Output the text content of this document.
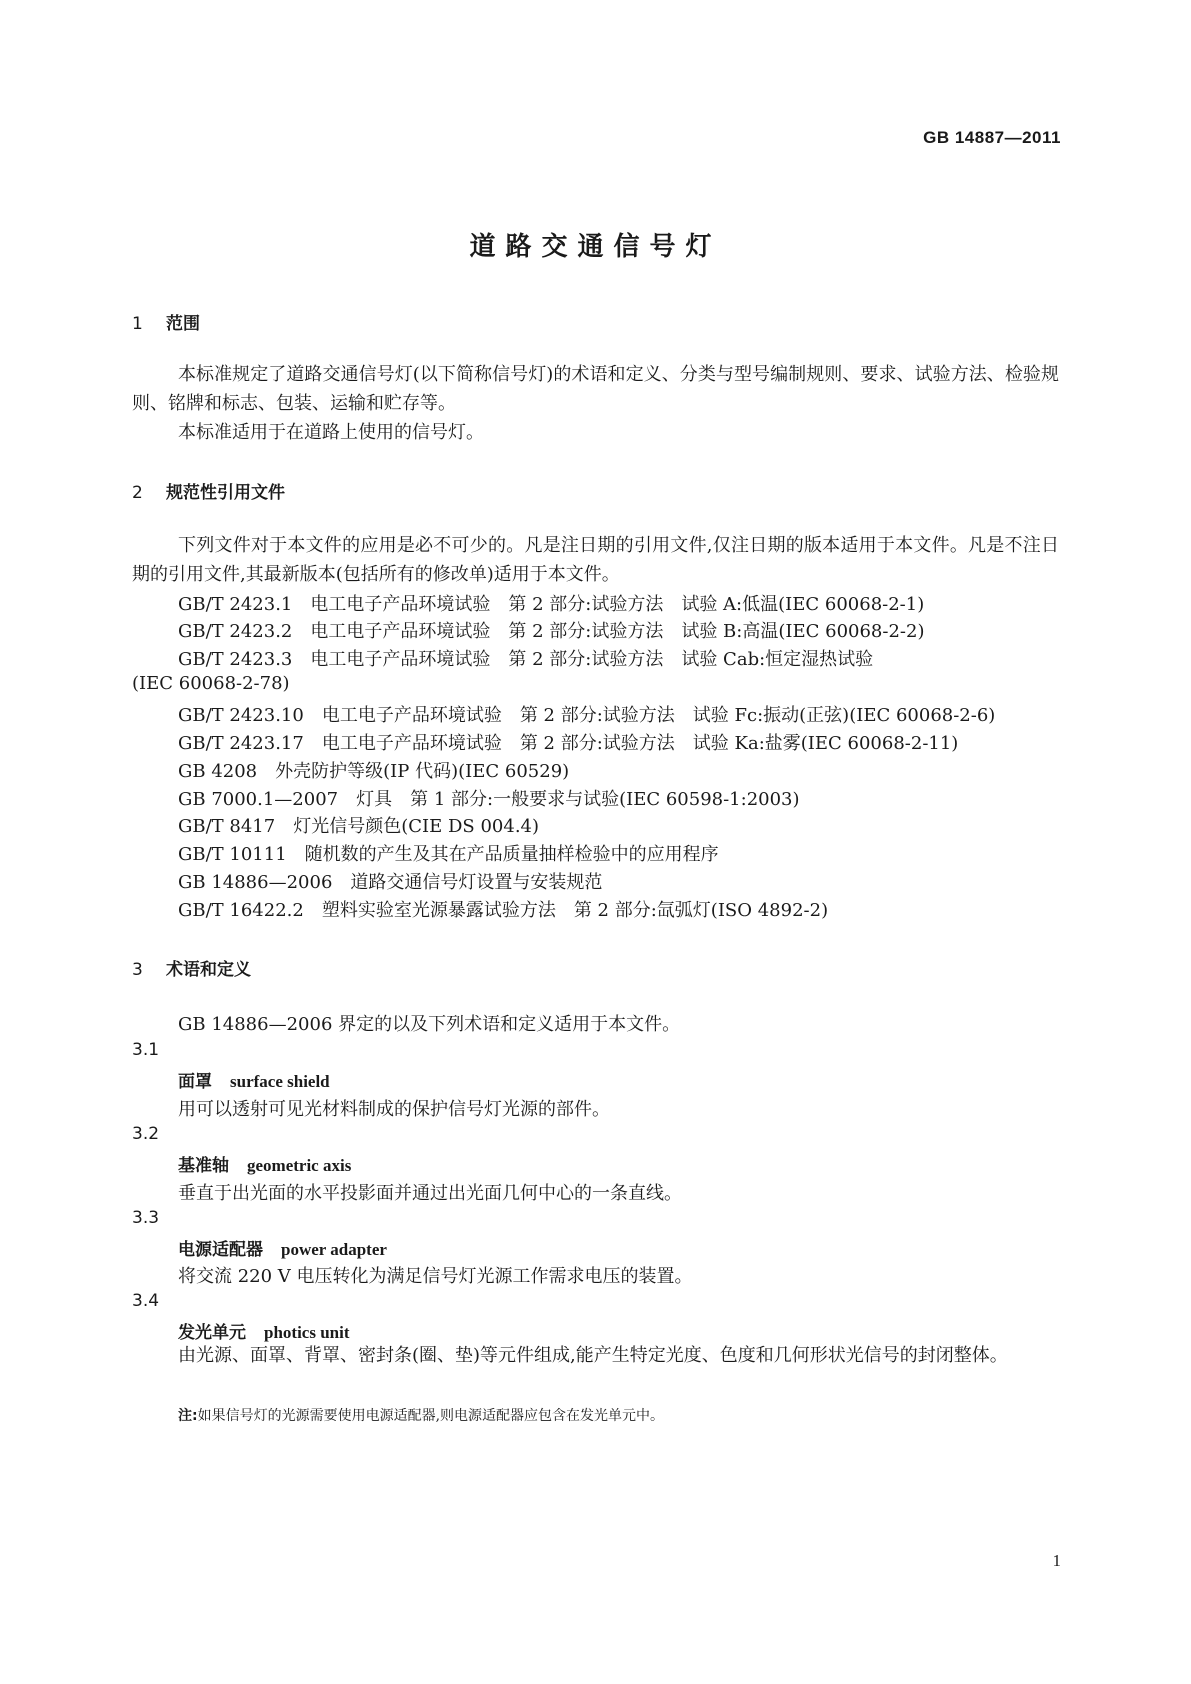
GB 14887—2011
道路交通信号灯
1 范围
本标准规定了道路交通信号灯(以下简称信号灯)的术语和定义、分类与型号编制规则、要求、试验方法、检验规则、铭牌和标志、包装、运输和贮存等。
本标准适用于在道路上使用的信号灯。
2 规范性引用文件
下列文件对于本文件的应用是必不可少的。凡是注日期的引用文件,仅注日期的版本适用于本文件。凡是不注日期的引用文件,其最新版本(包括所有的修改单)适用于本文件。
GB/T 2423.1　电工电子产品环境试验　第 2 部分:试验方法　试验 A:低温(IEC 60068-2-1)
GB/T 2423.2　电工电子产品环境试验　第 2 部分:试验方法　试验 B:高温(IEC 60068-2-2)
GB/T 2423.3　电工电子产品环境试验　第 2 部分:试验方法　试验 Cab:恒定湿热试验
(IEC 60068-2-78)
GB/T 2423.10　电工电子产品环境试验　第 2 部分:试验方法　试验 Fc:振动(正弦)(IEC 60068-2-6)
GB/T 2423.17　电工电子产品环境试验　第 2 部分:试验方法　试验 Ka:盐雾(IEC 60068-2-11)
GB 4208　外壳防护等级(IP 代码)(IEC 60529)
GB 7000.1—2007　灯具　第 1 部分:一般要求与试验(IEC 60598-1:2003)
GB/T 8417　灯光信号颜色(CIE DS 004.4)
GB/T 10111　随机数的产生及其在产品质量抽样检验中的应用程序
GB 14886—2006　道路交通信号灯设置与安装规范
GB/T 16422.2　塑料实验室光源暴露试验方法　第 2 部分:氙弧灯(ISO 4892-2)
3 术语和定义
GB 14886—2006 界定的以及下列术语和定义适用于本文件。
3.1
面罩 surface shield
用可以透射可见光材料制成的保护信号灯光源的部件。
3.2
基准轴 geometric axis
垂直于出光面的水平投影面并通过出光面几何中心的一条直线。
3.3
电源适配器 power adapter
将交流 220 V 电压转化为满足信号灯光源工作需求电压的装置。
3.4
发光单元 photics unit
由光源、面罩、背罩、密封条(圈、垫)等元件组成,能产生特定光度、色度和几何形状光信号的封闭整体。
注:如果信号灯的光源需要使用电源适配器,则电源适配器应包含在发光单元中。
1
